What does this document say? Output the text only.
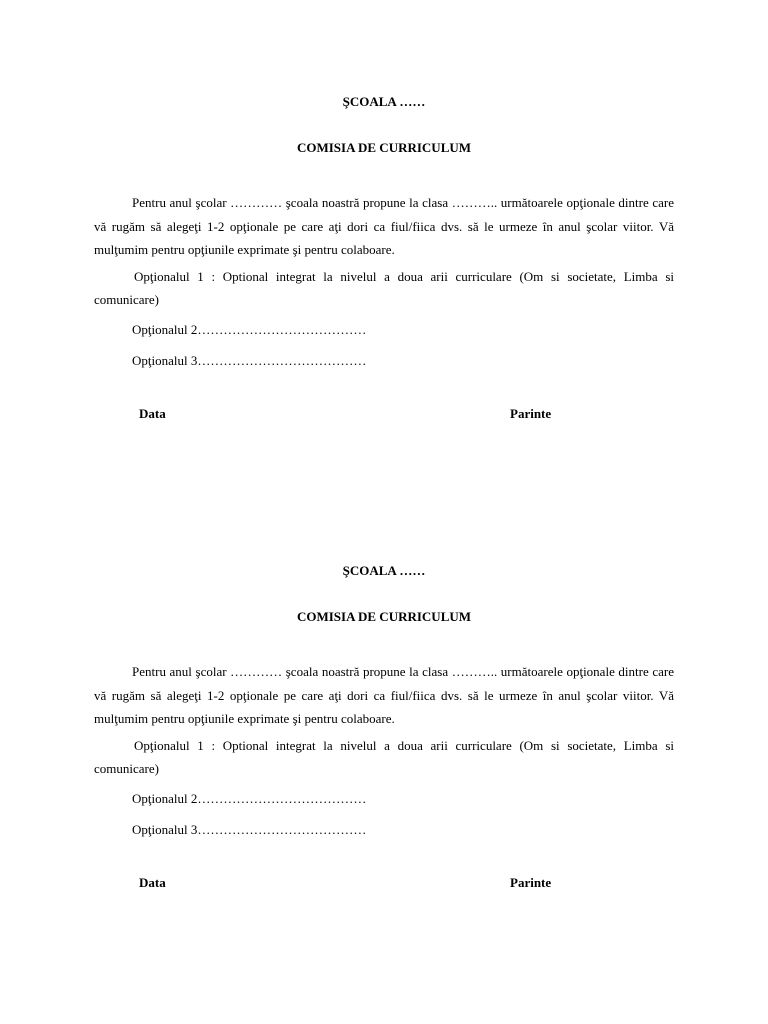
ŞCOALA ……
COMISIA DE CURRICULUM

Pentru anul şcolar ………… şcoala noastră propune la clasa ……….. următoarele opţionale dintre care vă rugăm să alegeţi 1-2 opţionale pe care aţi dori ca fiul/fiica dvs. să le urmeze în anul şcolar viitor. Vă mulţumim pentru opţiunile exprimate şi pentru colaboare.

Opţionalul 1 : Optional integrat la nivelul a doua arii curriculare (Om si societate, Limba si comunicare)

Opţionalul 2…………………………………

Opţionalul 3…………………………………

Data	Parinte
ŞCOALA ……
COMISIA DE CURRICULUM

Pentru anul şcolar ………… şcoala noastră propune la clasa ……….. următoarele opţionale dintre care vă rugăm să alegeţi 1-2 opţionale pe care aţi dori ca fiul/fiica dvs. să le urmeze în anul şcolar viitor. Vă mulţumim pentru opţiunile exprimate şi pentru colaboare.

Opţionalul 1 : Optional integrat la nivelul a doua arii curriculare (Om si societate, Limba si comunicare)

Opţionalul 2…………………………………

Opţionalul 3…………………………………

Data	Parinte
